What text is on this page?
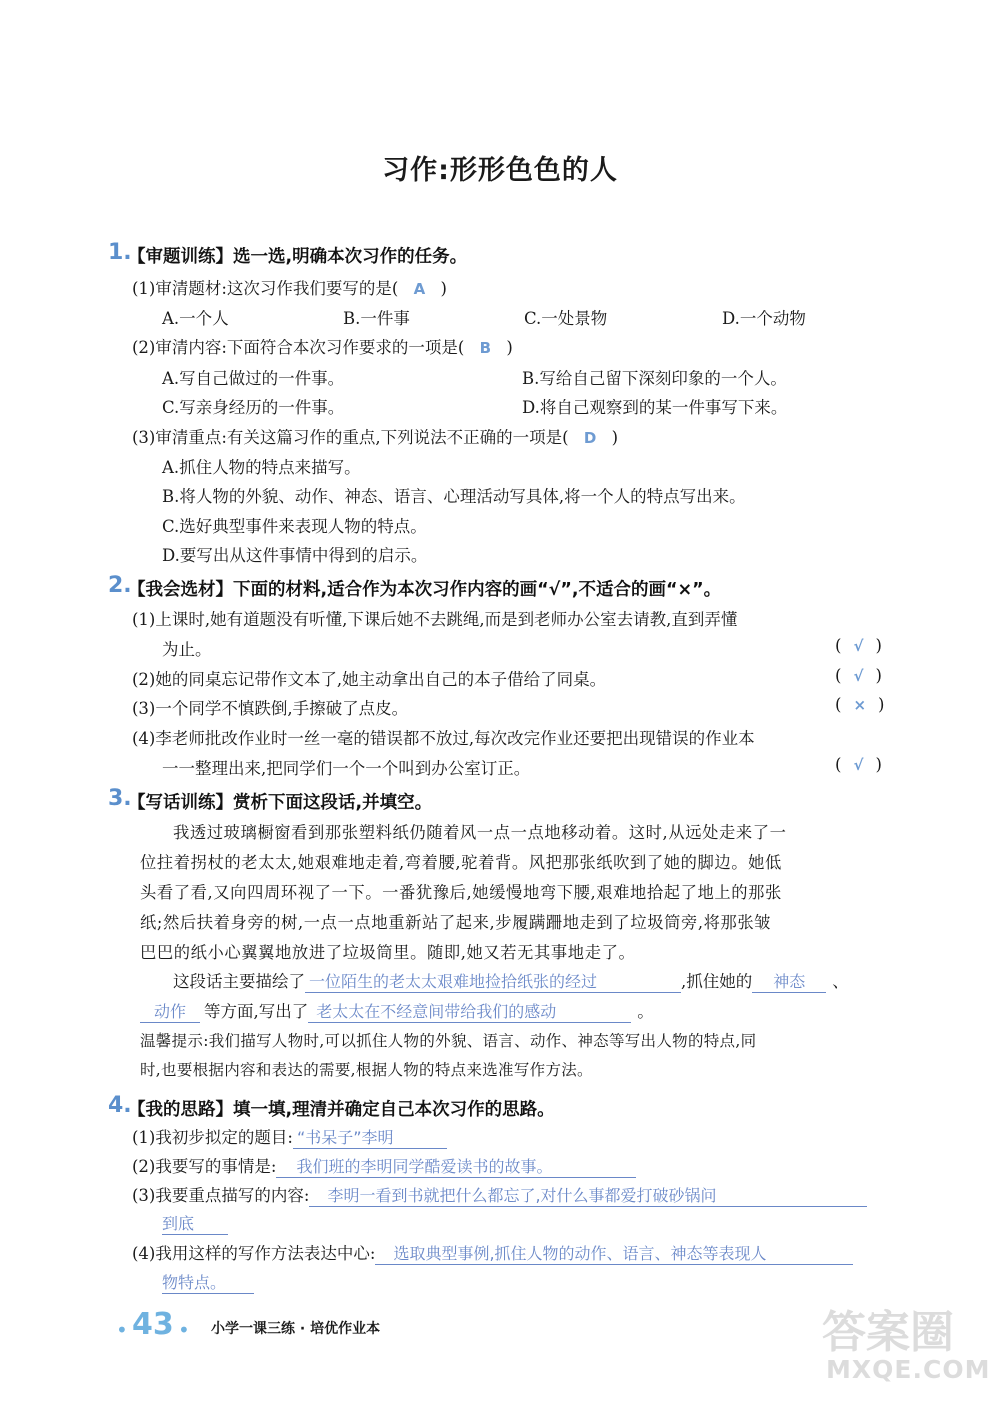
习作:形形色色的人
1.
【审题训练】选一选,明确本次习作的任务。
(1)审清题材:这次习作我们要写的是( A )
A.一个人	B.一件事	C.一处景物	D.一个动物
(2)审清内容:下面符合本次习作要求的一项是( B )
A.写自己做过的一件事。	B.写给自己留下深刻印象的一个人。
C.写亲身经历的一件事。	D.将自己观察到的某一件事写下来。
(3)审清重点:有关这篇习作的重点,下列说法不正确的一项是( D )
A.抓住人物的特点来描写。
B.将人物的外貌、动作、神态、语言、心理活动写具体,将一个人的特点写出来。
C.选好典型事件来表现人物的特点。
D.要写出从这件事情中得到的启示。
2.
【我会选材】下面的材料,适合作为本次习作内容的画“√”,不适合的画“×”。
(1)上课时,她有道题没有听懂,下课后她不去跳绳,而是到老师办公室去请教,直到弄懂
为止。	( √ )
(2)她的同桌忘记带作文本了,她主动拿出自己的本子借给了同桌。	( √ )
(3)一个同学不慎跌倒,手擦破了点皮。	( × )
(4)李老师批改作业时一丝一毫的错误都不放过,每次改完作业还要把出现错误的作业本
一一整理出来,把同学们一个一个叫到办公室订正。	( √ )
3.
【写话训练】赏析下面这段话,并填空。
我透过玻璃橱窗看到那张塑料纸仍随着风一点一点地移动着。这时,从远处走来了一
位拄着拐杖的老太太,她艰难地走着,弯着腰,驼着背。风把那张纸吹到了她的脚边。她低
头看了看,又向四周环视了一下。一番犹豫后,她缓慢地弯下腰,艰难地拾起了地上的那张
纸;然后扶着身旁的树,一点一点地重新站了起来,步履蹒跚地走到了垃圾筒旁,将那张皱
巴巴的纸小心翼翼地放进了垃圾筒里。随即,她又若无其事地走了。
这段话主要描绘了 一位陌生的老太太艰难地捡拾纸张的经过	,抓住她的 神态 、
动作 等方面,写出了 老太太在不经意间带给我们的感动	。
温馨提示:我们描写人物时,可以抓住人物的外貌、语言、动作、神态等写出人物的特点,同
时,也要根据内容和表达的需要,根据人物的特点来选准写作方法。
4.
【我的思路】填一填,理清并确定自己本次习作的思路。
(1)我初步拟定的题目: “书呆子”李明
(2)我要写的事情是: 我们班的李明同学酷爱读书的故事。
(3)我要重点描写的内容: 李明一看到书就把什么都忘了,对什么事都爱打破砂锅问
到底
(4)我用这样的写作方法表达中心: 选取典型事例,抓住人物的动作、语言、神态等表现人
物特点。
• 43 • 小学一课三练 · 培优作业本	答案圈
MXQE.COM
